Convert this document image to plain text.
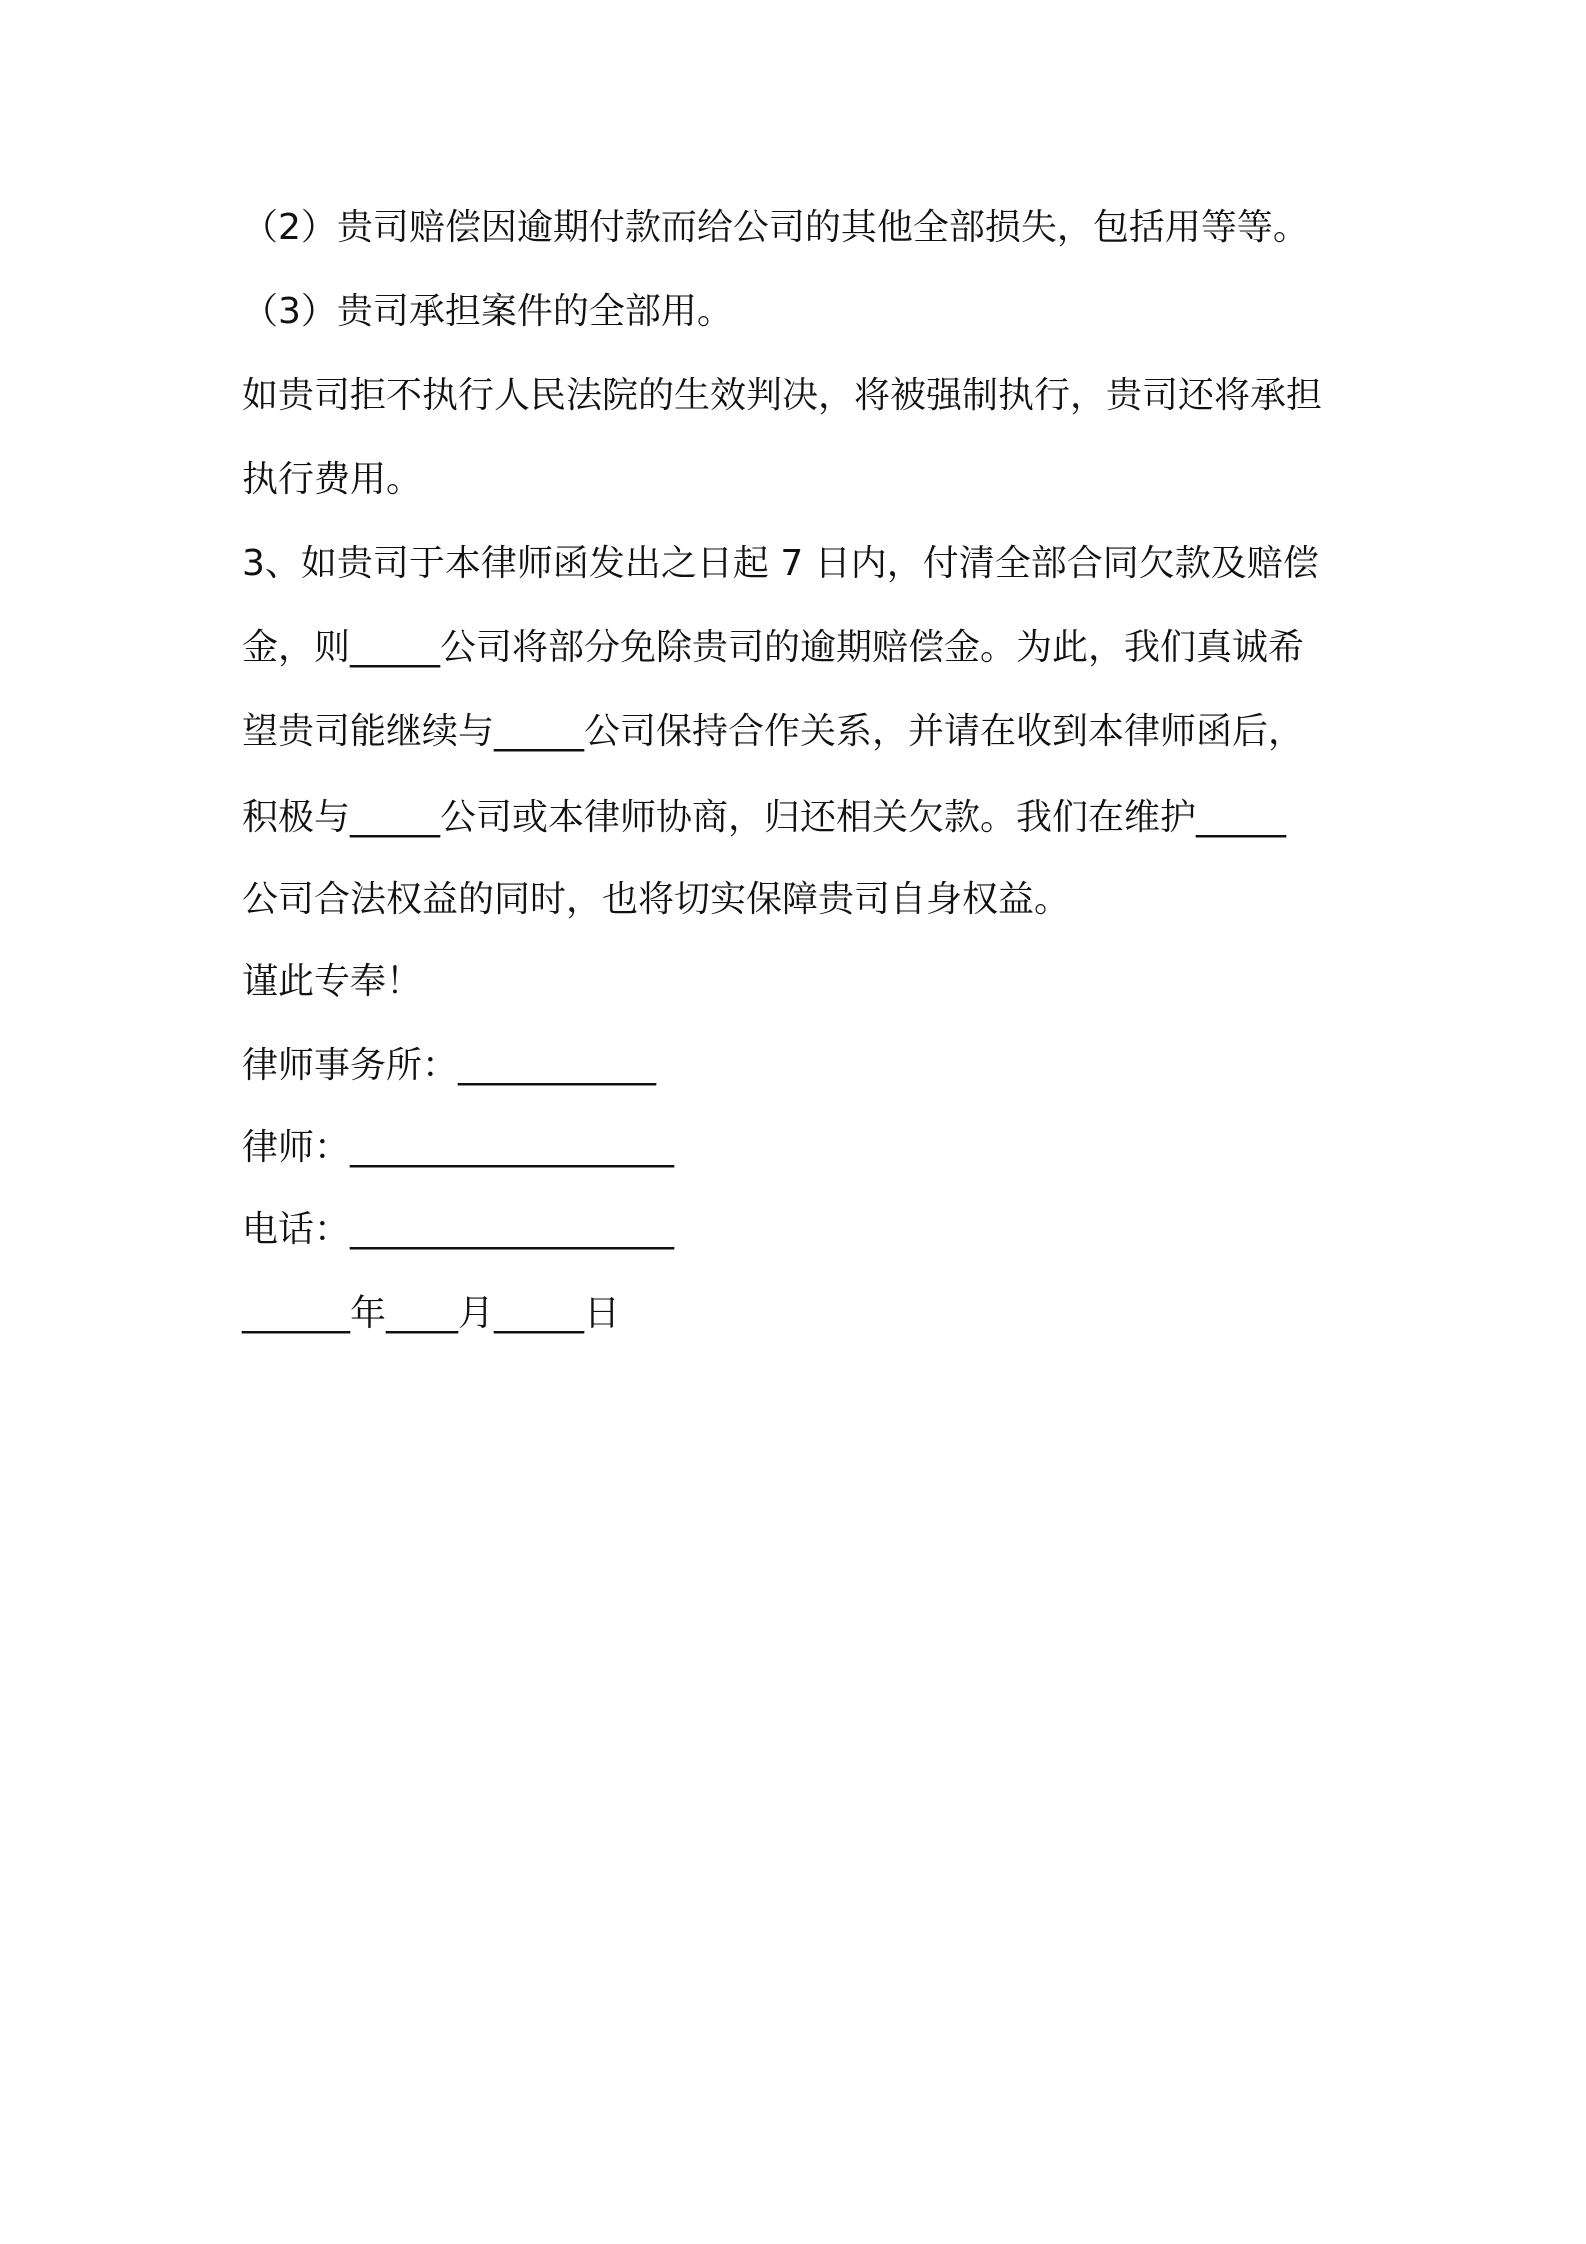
（2）贵司赔偿因逾期付款而给公司的其他全部损失，包括用等等。
（3）贵司承担案件的全部用。
如贵司拒不执行人民法院的生效判决，将被强制执行，贵司还将承担
执行费用。
3、如贵司于本律师函发出之日起 7 日内，付清全部合同欠款及赔偿
金，则_____公司将部分免除贵司的逾期赔偿金。为此，我们真诚希
望贵司能继续与_____公司保持合作关系，并请在收到本律师函后，
积极与_____公司或本律师协商，归还相关欠款。我们在维护_____
公司合法权益的同时，也将切实保障贵司自身权益。
谨此专奉！
律师事务所：___________
律师：__________________
电话：__________________
______年____月_____日
